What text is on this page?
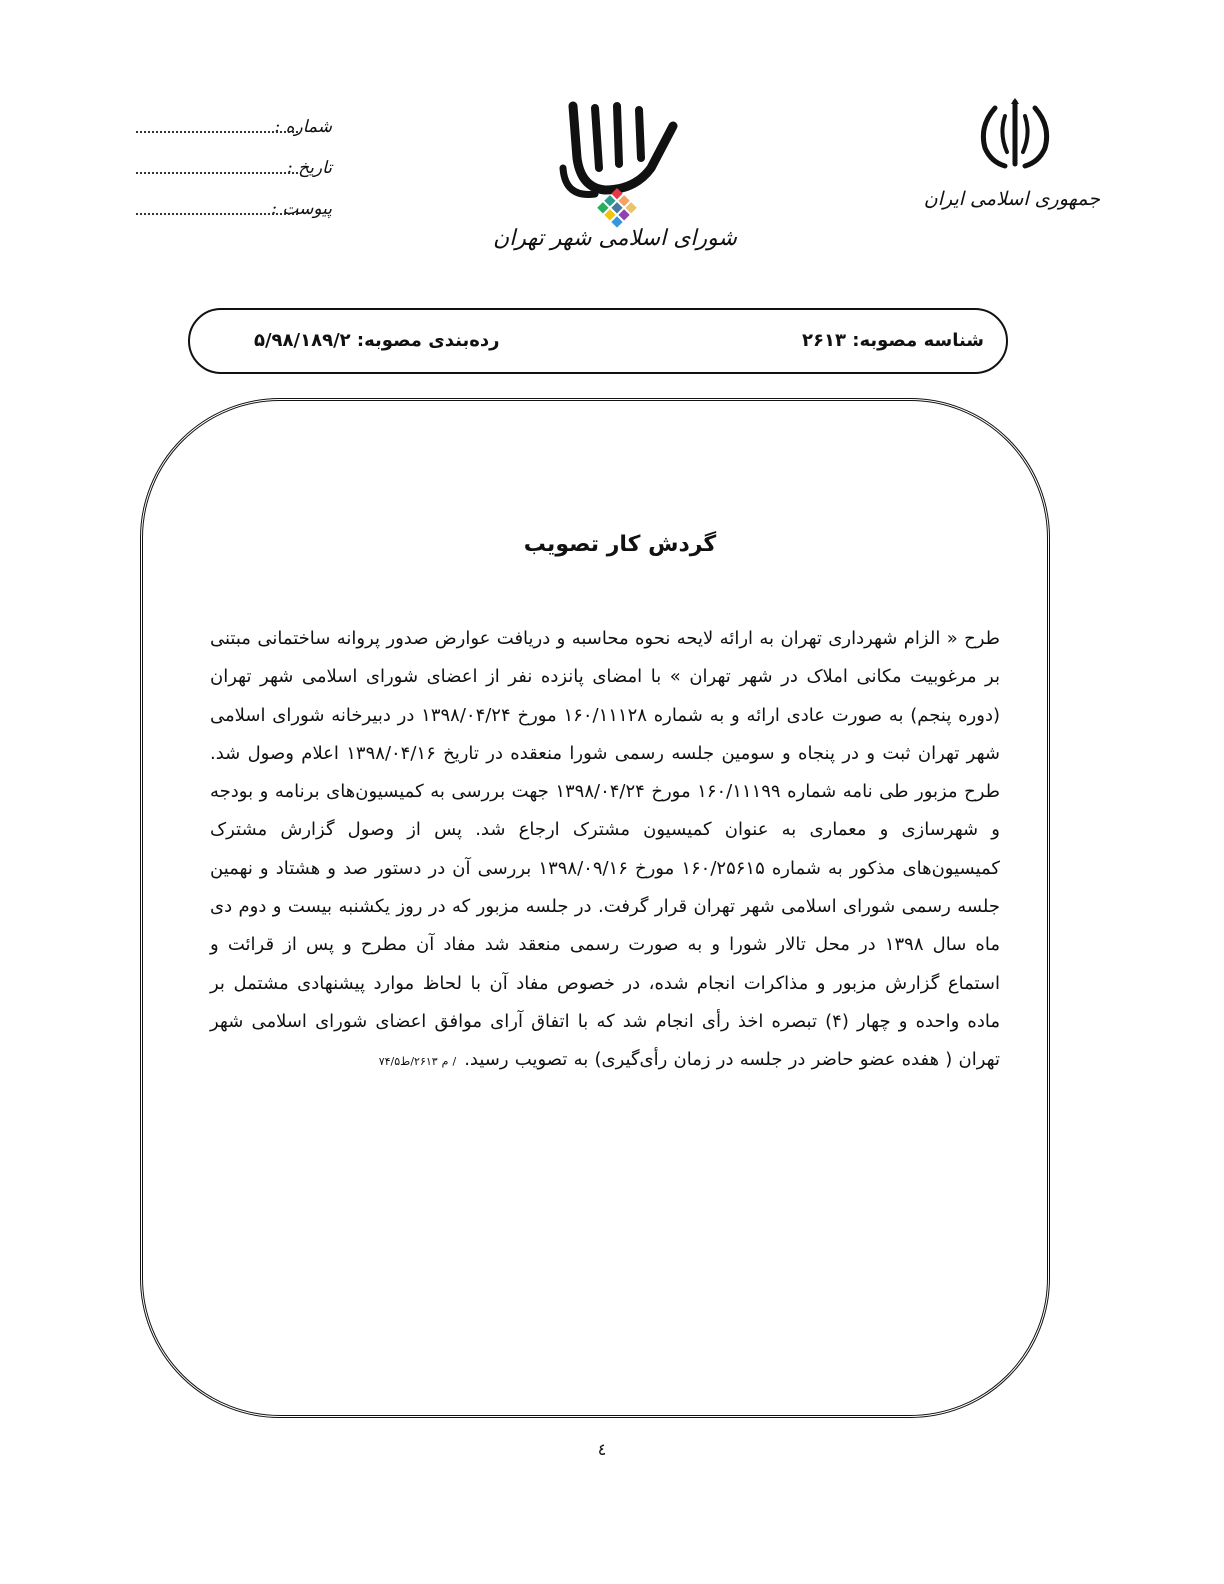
شماره :
تاریخ :
پیوست :
شورای اسلامی شهر تهران
جمهوری اسلامی ایران
شناسه مصوبه: ۲۶۱۳
رده‌بندی مصوبه: ۵/۹۸/۱۸۹/۲
گردش کار تصویب
طرح « الزام شهرداری تهران به ارائه لایحه نحوه محاسبه و دریافت عوارض صدور پروانه ساختمانی مبتنی بر مرغوبیت مکانی املاک در شهر تهران » با امضای پانزده نفر از اعضای شورای اسلامی شهر تهران (دوره پنجم) به صورت عادی ارائه و به شماره ۱۶۰/۱۱۱۲۸ مورخ ۱۳۹۸/۰۴/۲۴ در دبیرخانه شورای اسلامی شهر تهران ثبت و در پنجاه و سومین جلسه رسمی شورا منعقده در تاریخ ۱۳۹۸/۰۴/۱۶ اعلام وصول شد. طرح مزبور طی نامه شماره ۱۶۰/۱۱۱۹۹ مورخ ۱۳۹۸/۰۴/۲۴ جهت بررسی به کمیسیون‌های برنامه و بودجه و شهرسازی و معماری به عنوان کمیسیون مشترک ارجاع شد. پس از وصول گزارش مشترک کمیسیون‌های مذکور به شماره ۱۶۰/۲۵۶۱۵ مورخ ۱۳۹۸/۰۹/۱۶ بررسی آن در دستور صد و هشتاد و نهمین جلسه رسمی شورای اسلامی شهر تهران قرار گرفت. در جلسه مزبور که در روز یکشنبه بیست و دوم دی ماه سال ۱۳۹۸ در محل تالار شورا و به صورت رسمی منعقد شد مفاد آن مطرح و پس از قرائت و استماع گزارش مزبور و مذاکرات انجام شده، در خصوص مفاد آن با لحاظ موارد پیشنهادی مشتمل بر ماده واحده و چهار (۴) تبصره اخذ رأی انجام شد که با اتفاق آرای موافق اعضای شورای اسلامی شهر تهران ( هفده عضو حاضر در جلسه در زمان رأی‌گیری) به تصویب رسید./ م ۲۶۱۳/ط۷۴/۵
٤
